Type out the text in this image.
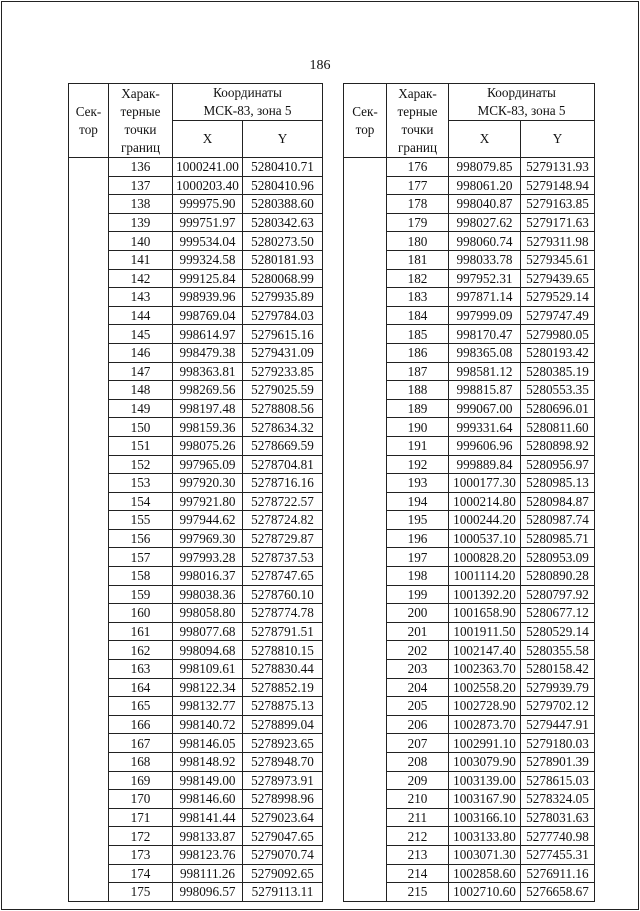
186
Сек-
тор	Харак-
терные
точки
границ	Координаты
МСК-83, зона 5	
		X	Y
	136	1000241.00	5280410.71
	137	1000203.40	5280410.96
	138	999975.90	5280388.60
	139	999751.97	5280342.63
	140	999534.04	5280273.50
	141	999324.58	5280181.93
	142	999125.84	5280068.99
	143	998939.96	5279935.89
	144	998769.04	5279784.03
	145	998614.97	5279615.16
	146	998479.38	5279431.09
	147	998363.81	5279233.85
	148	998269.56	5279025.59
	149	998197.48	5278808.56
	150	998159.36	5278634.32
	151	998075.26	5278669.59
	152	997965.09	5278704.81
	153	997920.30	5278716.16
	154	997921.80	5278722.57
	155	997944.62	5278724.82
	156	997969.30	5278729.87
	157	997993.28	5278737.53
	158	998016.37	5278747.65
	159	998038.36	5278760.10
	160	998058.80	5278774.78
	161	998077.68	5278791.51
	162	998094.68	5278810.15
	163	998109.61	5278830.44
	164	998122.34	5278852.19
	165	998132.77	5278875.13
	166	998140.72	5278899.04
	167	998146.05	5278923.65
	168	998148.92	5278948.70
	169	998149.00	5278973.91
	170	998146.60	5278998.96
	171	998141.44	5279023.64
	172	998133.87	5279047.65
	173	998123.76	5279070.74
	174	998111.26	5279092.65
	175	998096.57	5279113.11
Сек-
тор	Харак-
терные
точки
границ	Координаты
МСК-83, зона 5	
		X	Y
	176	998079.85	5279131.93
	177	998061.20	5279148.94
	178	998040.87	5279163.85
	179	998027.62	5279171.63
	180	998060.74	5279311.98
	181	998033.78	5279345.61
	182	997952.31	5279439.65
	183	997871.14	5279529.14
	184	997999.09	5279747.49
	185	998170.47	5279980.05
	186	998365.08	5280193.42
	187	998581.12	5280385.19
	188	998815.87	5280553.35
	189	999067.00	5280696.01
	190	999331.64	5280811.60
	191	999606.96	5280898.92
	192	999889.84	5280956.97
	193	1000177.30	5280985.13
	194	1000214.80	5280984.87
	195	1000244.20	5280987.74
	196	1000537.10	5280985.71
	197	1000828.20	5280953.09
	198	1001114.20	5280890.28
	199	1001392.20	5280797.92
	200	1001658.90	5280677.12
	201	1001911.50	5280529.14
	202	1002147.40	5280355.58
	203	1002363.70	5280158.42
	204	1002558.20	5279939.79
	205	1002728.90	5279702.12
	206	1002873.70	5279447.91
	207	1002991.10	5279180.03
	208	1003079.90	5278901.39
	209	1003139.00	5278615.03
	210	1003167.90	5278324.05
	211	1003166.10	5278031.63
	212	1003133.80	5277740.98
	213	1003071.30	5277455.31
	214	1002858.60	5276911.16
	215	1002710.60	5276658.67
